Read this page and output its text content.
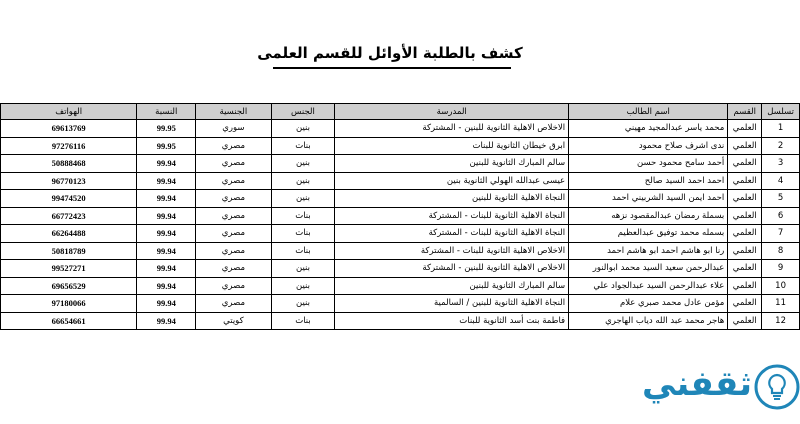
كشف بالطلبة الأوائل للقسم العلمى
تسلسل	القسم	اسم الطالب	المدرسة	الجنس	الجنسية	النسبة	الهواتف
1	العلمي	محمد ياسر عبدالمجيد مهيني	الاخلاص الاهلية الثانوية للبنين - المشتركة	بنين	سوري	99.95	69613769
2	العلمي	ندى اشرف صلاح محمود	ابرق خيطان الثانوية للبنات	بنات	مصري	99.95	97276116
3	العلمي	أحمد سامح محمود حسن	سالم المبارك الثانوية للبنين	بنين	مصري	99.94	50888468
4	العلمي	احمد احمد السيد صالح	عيسى عبدالله الهولي الثانوية بنين	بنين	مصري	99.94	96770123
5	العلمي	احمد ايمن السيد الشربيني احمد	النجاة الاهلية الثانوية للبنين	بنين	مصري	99.94	99474520
6	العلمي	بسملة رمضان عبدالمقصود نزهه	النجاة الاهلية الثانوية للبنات - المشتركة	بنات	مصري	99.94	66772423
7	العلمي	بسمله محمد توفيق عبدالعظيم	النجاة الاهلية الثانوية للبنات - المشتركة	بنات	مصري	99.94	66264488
8	العلمي	رنا ابو هاشم احمد ابو هاشم احمد	الاخلاص الاهلية الثانوية للبنات - المشتركة	بنات	مصري	99.94	50818789
9	العلمي	عبدالرحمن سعيد السيد محمد ابوالنور	الاخلاص الاهلية الثانوية للبنين - المشتركة	بنين	مصري	99.94	99527271
10	العلمي	علاء عبدالرحمن السيد عبدالجواد علي	سالم المبارك الثانوية للبنين	بنين	مصري	99.94	69656529
11	العلمي	مؤمن عادل محمد صبري علام	النجاة الاهلية الثانوية للبنين / السالمية	بنين	مصري	99.94	97180066
12	العلمي	هاجر محمد عبد الله دياب الهاجري	فاطمة بنت أسد الثانوية للبنات	بنات	كويتي	99.94	66654661
ثقفني
